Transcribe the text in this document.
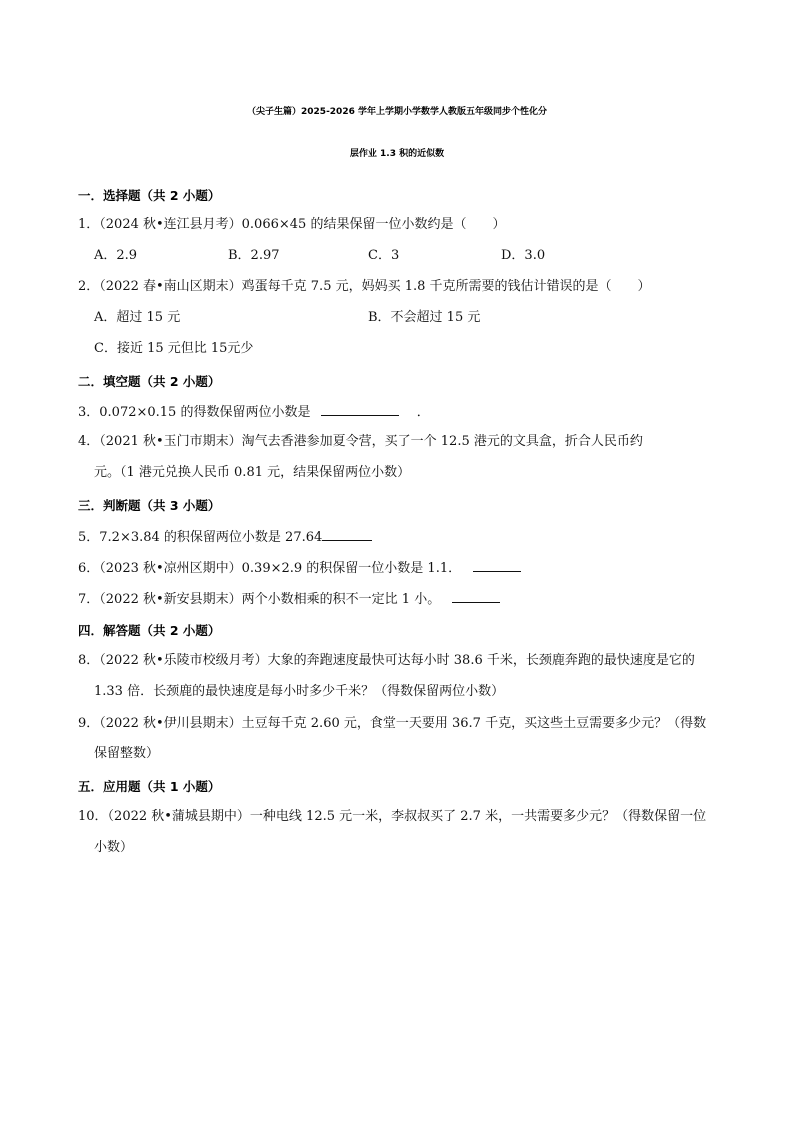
（尖子生篇）2025-2026 学年上学期小学数学人教版五年级同步个性化分
层作业 1.3 积的近似数
一．选择题（共 2 小题）
1．（2024 秋•连江县月考）0.066×45 的结果保留一位小数约是（　　）
A．2.9	B．2.97	C．3	D．3.0
2．（2022 春•南山区期末）鸡蛋每千克 7.5 元，妈妈买 1.8 千克所需要的钱估计错误的是（　　）
A．超过 15 元	B．不会超过 15 元
C．接近 15 元但比 15元少
二．填空题（共 2 小题）
3．0.072×0.15 的得数保留两位小数是	．
4．（2021 秋•玉门市期末）淘气去香港参加夏令营，买了一个 12.5 港元的文具盒，折合人民币约
元。（1 港元兑换人民币 0.81 元，结果保留两位小数）
三．判断题（共 3 小题）
5．7.2×3.84 的积保留两位小数是 27.64
6．（2023 秋•凉州区期中）0.39×2.9 的积保留一位小数是 1.1．
7．（2022 秋•新安县期末）两个小数相乘的积不一定比 1 小。
四．解答题（共 2 小题）
8．（2022 秋•乐陵市校级月考）大象的奔跑速度最快可达每小时 38.6 千米，长颈鹿奔跑的最快速度是它的
1.33 倍．长颈鹿的最快速度是每小时多少千米？（得数保留两位小数）
9．（2022 秋•伊川县期末）土豆每千克 2.60 元，食堂一天要用 36.7 千克，买这些土豆需要多少元？（得数
保留整数）
五．应用题（共 1 小题）
10．（2022 秋•蒲城县期中）一种电线 12.5 元一米，李叔叔买了 2.7 米，一共需要多少元？（得数保留一位
小数）
